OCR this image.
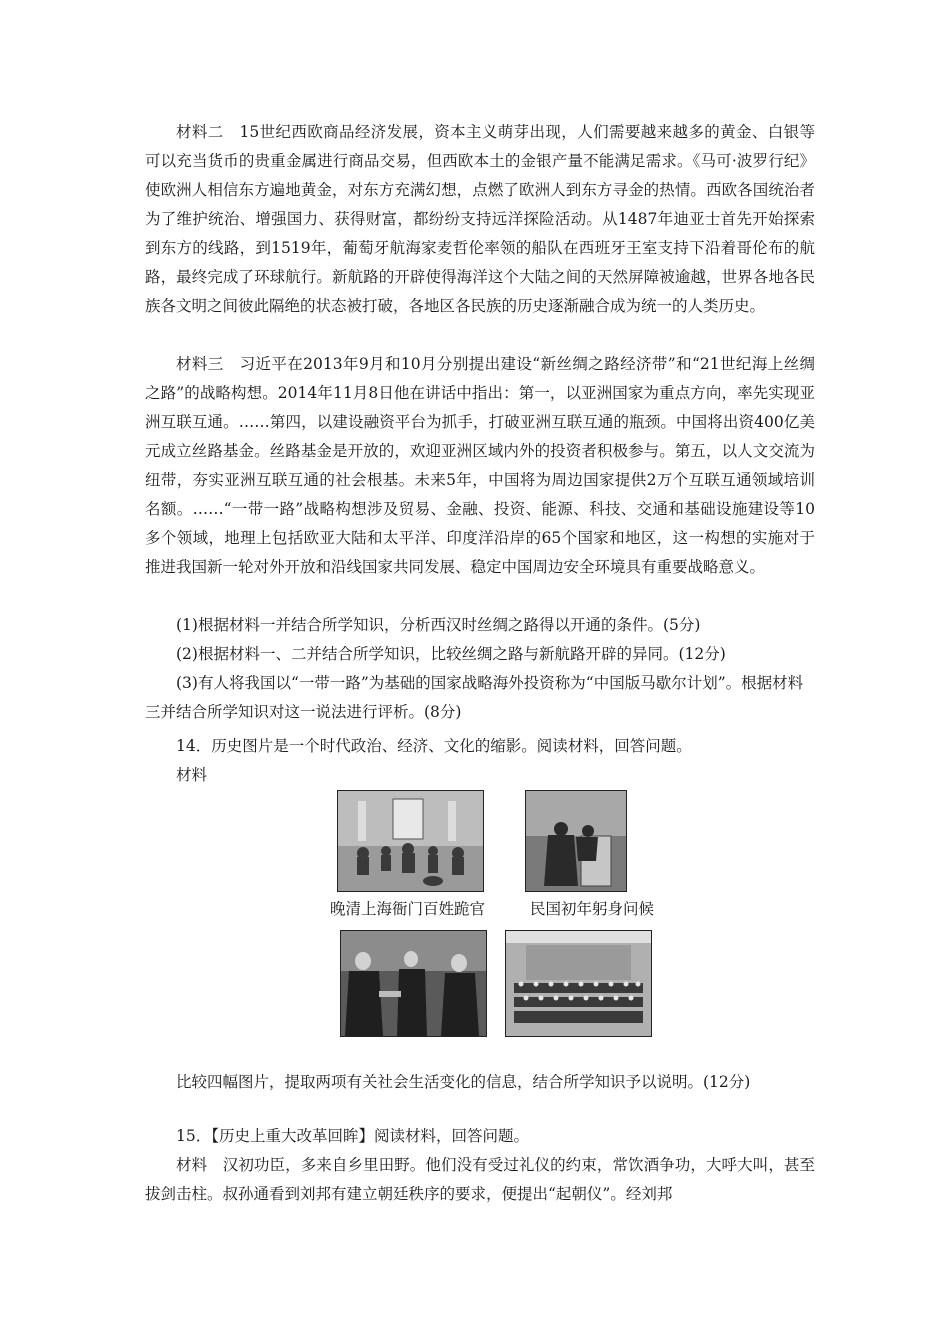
材料二　15世纪西欧商品经济发展，资本主义萌芽出现，人们需要越来越多的黄金、白银等可以充当货币的贵重金属进行商品交易，但西欧本土的金银产量不能满足需求。《马可·波罗行纪》使欧洲人相信东方遍地黄金，对东方充满幻想，点燃了欧洲人到东方寻金的热情。西欧各国统治者为了维护统治、增强国力、获得财富，都纷纷支持远洋探险活动。从1487年迪亚士首先开始探索到东方的线路，到1519年，葡萄牙航海家麦哲伦率领的船队在西班牙王室支持下沿着哥伦布的航路，最终完成了环球航行。新航路的开辟使得海洋这个大陆之间的天然屏障被逾越，世界各地各民族各文明之间彼此隔绝的状态被打破，各地区各民族的历史逐渐融合成为统一的人类历史。

材料三　习近平在2013年9月和10月分别提出建设“新丝绸之路经济带”和“21世纪海上丝绸之路”的战略构想。2014年11月8日他在讲话中指出：第一，以亚洲国家为重点方向，率先实现亚洲互联互通。……第四，以建设融资平台为抓手，打破亚洲互联互通的瓶颈。中国将出资400亿美元成立丝路基金。丝路基金是开放的，欢迎亚洲区域内外的投资者积极参与。第五，以人文交流为纽带，夯实亚洲互联互通的社会根基。未来5年，中国将为周边国家提供2万个互联互通领域培训名额。……“一带一路”战略构想涉及贸易、金融、投资、能源、科技、交通和基础设施建设等10多个领域，地理上包括欧亚大陆和太平洋、印度洋沿岸的65个国家和地区，这一构想的实施对于推进我国新一轮对外开放和沿线国家共同发展、稳定中国周边安全环境具有重要战略意义。

(1)根据材料一并结合所学知识，分析西汉时丝绸之路得以开通的条件。(5分)

(2)根据材料一、二并结合所学知识，比较丝绸之路与新航路开辟的异同。(12分)

(3)有人将我国以“一带一路”为基础的国家战略海外投资称为“中国版马歇尔计划”。根据材料三并结合所学知识对这一说法进行评析。(8分)

14．历史图片是一个时代政治、经济、文化的缩影。阅读材料，回答问题。

材料

晚清上海衙门百姓跪官	民国初年躬身问候

比较四幅图片，提取两项有关社会生活变化的信息，结合所学知识予以说明。(12分)

15．【历史上重大改革回眸】阅读材料，回答问题。

材料　汉初功臣，多来自乡里田野。他们没有受过礼仪的约束，常饮酒争功，大呼大叫，甚至拔剑击柱。叔孙通看到刘邦有建立朝廷秩序的要求，便提出“起朝仪”。经刘邦
